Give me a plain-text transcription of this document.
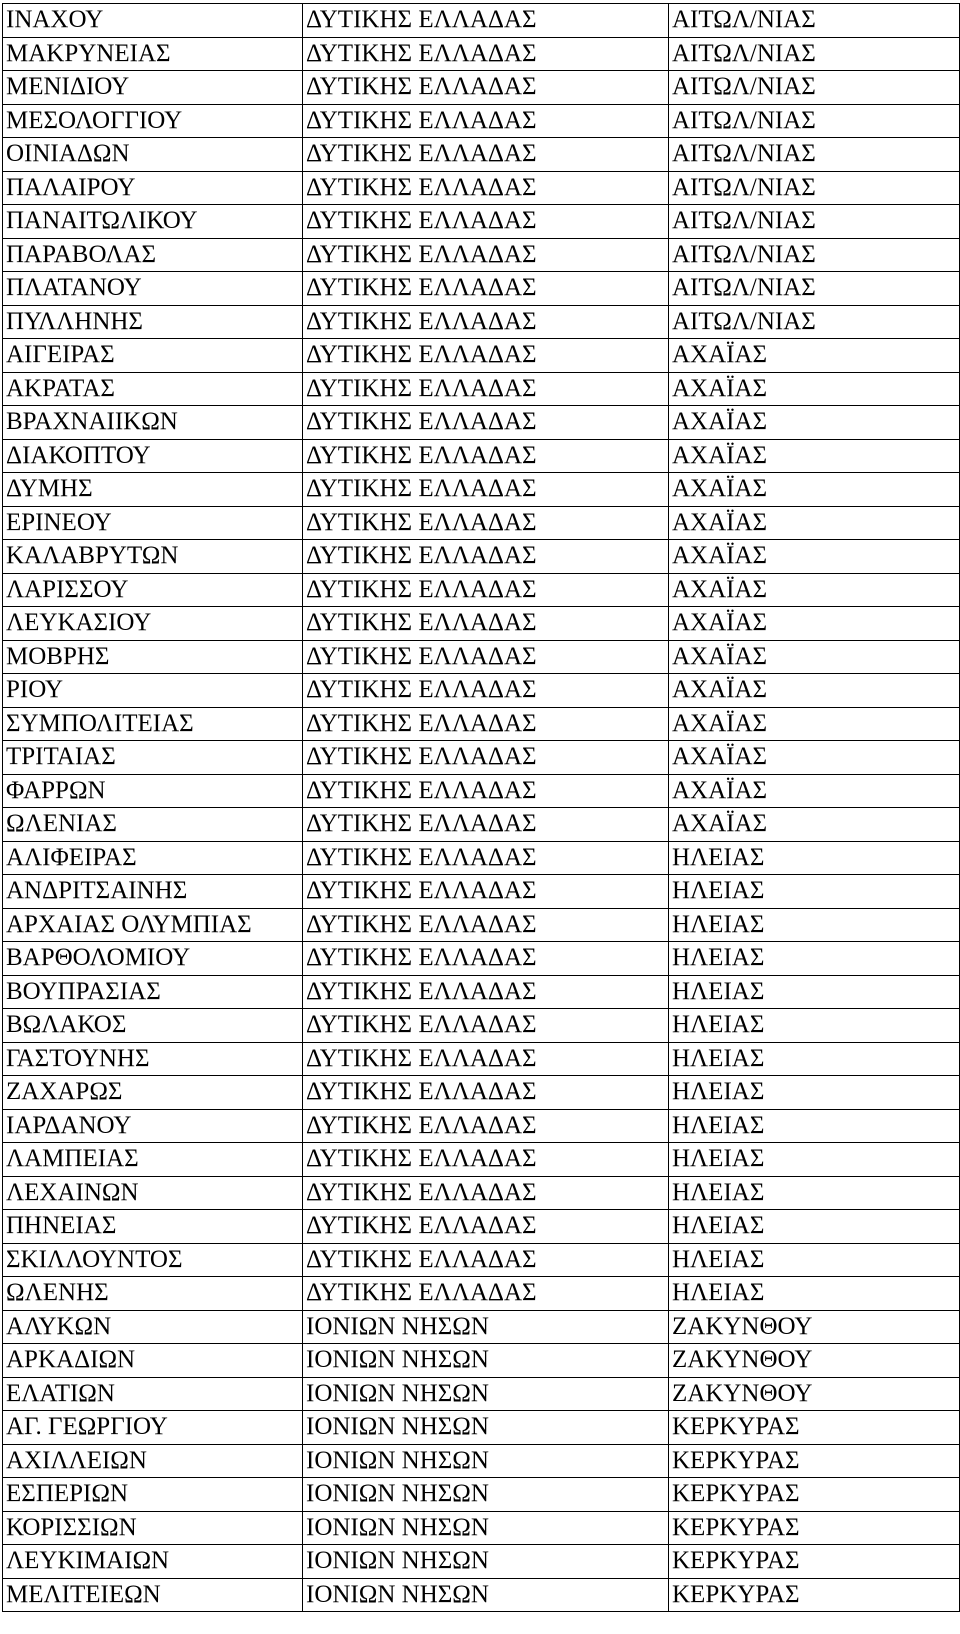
ΙΝΑΧΟΥ	ΔΥΤΙΚΗΣ ΕΛΛΑΔΑΣ	ΑΙΤΩΛ/ΝΙΑΣ
ΜΑΚΡΥΝΕΙΑΣ	ΔΥΤΙΚΗΣ ΕΛΛΑΔΑΣ	ΑΙΤΩΛ/ΝΙΑΣ
ΜΕΝΙΔΙΟΥ	ΔΥΤΙΚΗΣ ΕΛΛΑΔΑΣ	ΑΙΤΩΛ/ΝΙΑΣ
ΜΕΣΟΛΟΓΓΙΟΥ	ΔΥΤΙΚΗΣ ΕΛΛΑΔΑΣ	ΑΙΤΩΛ/ΝΙΑΣ
ΟΙΝΙΑΔΩΝ	ΔΥΤΙΚΗΣ ΕΛΛΑΔΑΣ	ΑΙΤΩΛ/ΝΙΑΣ
ΠΑΛΑΙΡΟΥ	ΔΥΤΙΚΗΣ ΕΛΛΑΔΑΣ	ΑΙΤΩΛ/ΝΙΑΣ
ΠΑΝΑΙΤΩΛΙΚΟΥ	ΔΥΤΙΚΗΣ ΕΛΛΑΔΑΣ	ΑΙΤΩΛ/ΝΙΑΣ
ΠΑΡΑΒΟΛΑΣ	ΔΥΤΙΚΗΣ ΕΛΛΑΔΑΣ	ΑΙΤΩΛ/ΝΙΑΣ
ΠΛΑΤΑΝΟΥ	ΔΥΤΙΚΗΣ ΕΛΛΑΔΑΣ	ΑΙΤΩΛ/ΝΙΑΣ
ΠΥΛΛΗΝΗΣ	ΔΥΤΙΚΗΣ ΕΛΛΑΔΑΣ	ΑΙΤΩΛ/ΝΙΑΣ
ΑΙΓΕΙΡΑΣ	ΔΥΤΙΚΗΣ ΕΛΛΑΔΑΣ	ΑΧΑΪΑΣ
ΑΚΡΑΤΑΣ	ΔΥΤΙΚΗΣ ΕΛΛΑΔΑΣ	ΑΧΑΪΑΣ
ΒΡΑΧΝΑΙΙΚΩΝ	ΔΥΤΙΚΗΣ ΕΛΛΑΔΑΣ	ΑΧΑΪΑΣ
ΔΙΑΚΟΠΤΟΥ	ΔΥΤΙΚΗΣ ΕΛΛΑΔΑΣ	ΑΧΑΪΑΣ
ΔΥΜΗΣ	ΔΥΤΙΚΗΣ ΕΛΛΑΔΑΣ	ΑΧΑΪΑΣ
ΕΡΙΝΕΟΥ	ΔΥΤΙΚΗΣ ΕΛΛΑΔΑΣ	ΑΧΑΪΑΣ
ΚΑΛΑΒΡΥΤΩΝ	ΔΥΤΙΚΗΣ ΕΛΛΑΔΑΣ	ΑΧΑΪΑΣ
ΛΑΡΙΣΣΟΥ	ΔΥΤΙΚΗΣ ΕΛΛΑΔΑΣ	ΑΧΑΪΑΣ
ΛΕΥΚΑΣΙΟΥ	ΔΥΤΙΚΗΣ ΕΛΛΑΔΑΣ	ΑΧΑΪΑΣ
ΜΟΒΡΗΣ	ΔΥΤΙΚΗΣ ΕΛΛΑΔΑΣ	ΑΧΑΪΑΣ
ΡΙΟΥ	ΔΥΤΙΚΗΣ ΕΛΛΑΔΑΣ	ΑΧΑΪΑΣ
ΣΥΜΠΟΛΙΤΕΙΑΣ	ΔΥΤΙΚΗΣ ΕΛΛΑΔΑΣ	ΑΧΑΪΑΣ
ΤΡΙΤΑΙΑΣ	ΔΥΤΙΚΗΣ ΕΛΛΑΔΑΣ	ΑΧΑΪΑΣ
ΦΑΡΡΩΝ	ΔΥΤΙΚΗΣ ΕΛΛΑΔΑΣ	ΑΧΑΪΑΣ
ΩΛΕΝΙΑΣ	ΔΥΤΙΚΗΣ ΕΛΛΑΔΑΣ	ΑΧΑΪΑΣ
ΑΛΙΦΕΙΡΑΣ	ΔΥΤΙΚΗΣ ΕΛΛΑΔΑΣ	ΗΛΕΙΑΣ
ΑΝΔΡΙΤΣΑΙΝΗΣ	ΔΥΤΙΚΗΣ ΕΛΛΑΔΑΣ	ΗΛΕΙΑΣ
ΑΡΧΑΙΑΣ ΟΛΥΜΠΙΑΣ	ΔΥΤΙΚΗΣ ΕΛΛΑΔΑΣ	ΗΛΕΙΑΣ
ΒΑΡΘΟΛΟΜΙΟΥ	ΔΥΤΙΚΗΣ ΕΛΛΑΔΑΣ	ΗΛΕΙΑΣ
ΒΟΥΠΡΑΣΙΑΣ	ΔΥΤΙΚΗΣ ΕΛΛΑΔΑΣ	ΗΛΕΙΑΣ
ΒΩΛΑΚΟΣ	ΔΥΤΙΚΗΣ ΕΛΛΑΔΑΣ	ΗΛΕΙΑΣ
ΓΑΣΤΟΥΝΗΣ	ΔΥΤΙΚΗΣ ΕΛΛΑΔΑΣ	ΗΛΕΙΑΣ
ΖΑΧΑΡΩΣ	ΔΥΤΙΚΗΣ ΕΛΛΑΔΑΣ	ΗΛΕΙΑΣ
ΙΑΡΔΑΝΟΥ	ΔΥΤΙΚΗΣ ΕΛΛΑΔΑΣ	ΗΛΕΙΑΣ
ΛΑΜΠΕΙΑΣ	ΔΥΤΙΚΗΣ ΕΛΛΑΔΑΣ	ΗΛΕΙΑΣ
ΛΕΧΑΙΝΩΝ	ΔΥΤΙΚΗΣ ΕΛΛΑΔΑΣ	ΗΛΕΙΑΣ
ΠΗΝΕΙΑΣ	ΔΥΤΙΚΗΣ ΕΛΛΑΔΑΣ	ΗΛΕΙΑΣ
ΣΚΙΛΛΟΥΝΤΟΣ	ΔΥΤΙΚΗΣ ΕΛΛΑΔΑΣ	ΗΛΕΙΑΣ
ΩΛΕΝΗΣ	ΔΥΤΙΚΗΣ ΕΛΛΑΔΑΣ	ΗΛΕΙΑΣ
ΑΛΥΚΩΝ	ΙΟΝΙΩΝ ΝΗΣΩΝ	ΖΑΚΥΝΘΟΥ
ΑΡΚΑΔΙΩΝ	ΙΟΝΙΩΝ ΝΗΣΩΝ	ΖΑΚΥΝΘΟΥ
ΕΛΑΤΙΩΝ	ΙΟΝΙΩΝ ΝΗΣΩΝ	ΖΑΚΥΝΘΟΥ
ΑΓ. ΓΕΩΡΓΙΟΥ	ΙΟΝΙΩΝ ΝΗΣΩΝ	ΚΕΡΚΥΡΑΣ
ΑΧΙΛΛΕΙΩΝ	ΙΟΝΙΩΝ ΝΗΣΩΝ	ΚΕΡΚΥΡΑΣ
ΕΣΠΕΡΙΩΝ	ΙΟΝΙΩΝ ΝΗΣΩΝ	ΚΕΡΚΥΡΑΣ
ΚΟΡΙΣΣΙΩΝ	ΙΟΝΙΩΝ ΝΗΣΩΝ	ΚΕΡΚΥΡΑΣ
ΛΕΥΚΙΜΑΙΩΝ	ΙΟΝΙΩΝ ΝΗΣΩΝ	ΚΕΡΚΥΡΑΣ
ΜΕΛΙΤΕΙΕΩΝ	ΙΟΝΙΩΝ ΝΗΣΩΝ	ΚΕΡΚΥΡΑΣ
